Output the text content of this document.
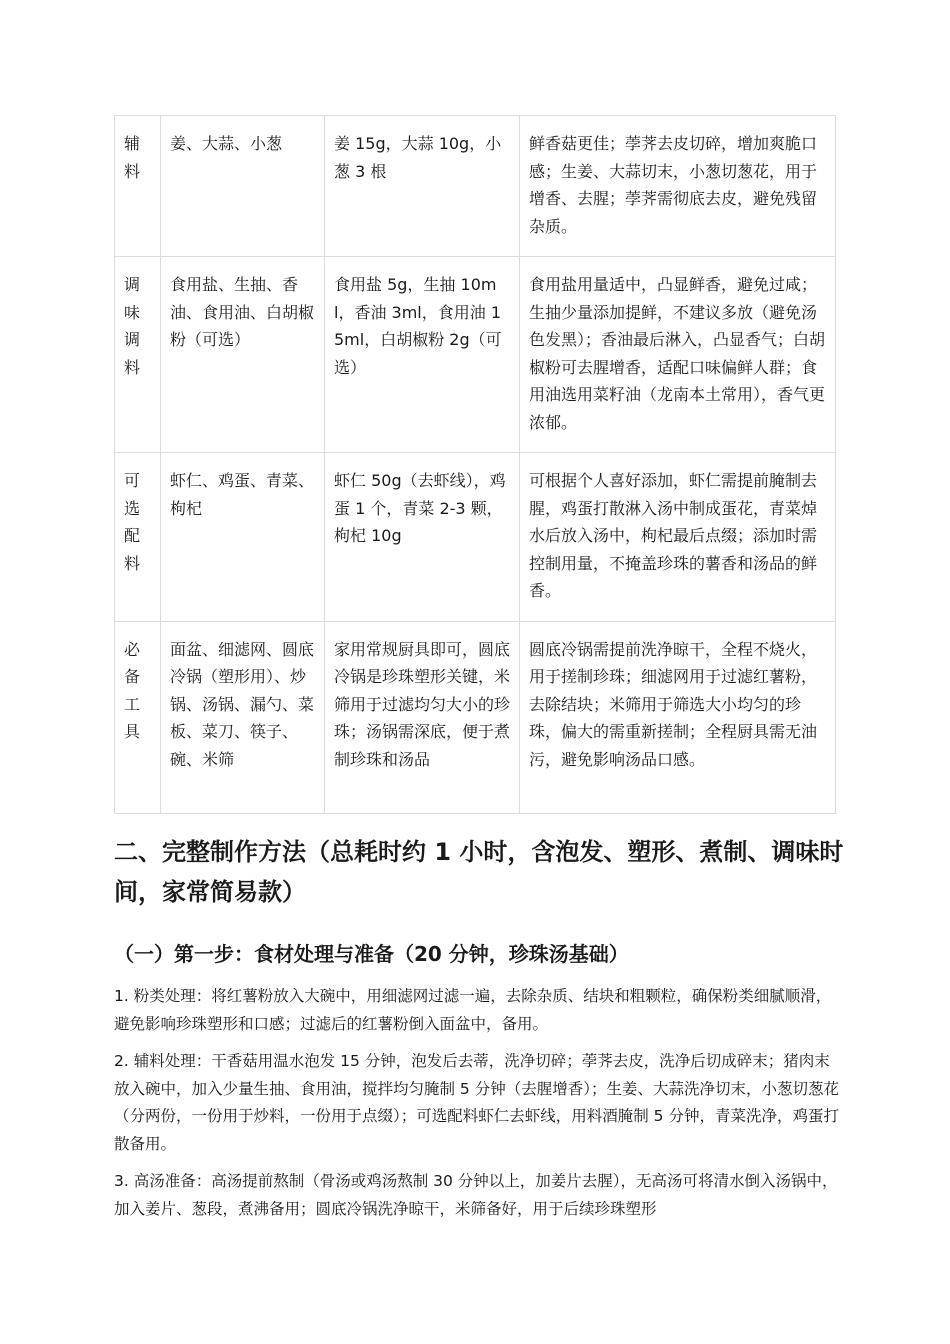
辅料	姜、大蒜、小葱	姜 15g，大蒜 10g，小葱 3 根	鲜香菇更佳；荸荠去皮切碎，增加爽脆口感；生姜、大蒜切末，小葱切葱花，用于增香、去腥；荸荠需彻底去皮，避免残留杂质。
调味调料	食用盐、生抽、香油、食用油、白胡椒粉（可选）	食用盐 5g，生抽 10ml，香油 3ml，食用油 15ml，白胡椒粉 2g（可选）	食用盐用量适中，凸显鲜香，避免过咸；生抽少量添加提鲜，不建议多放（避免汤色发黑）；香油最后淋入，凸显香气；白胡椒粉可去腥增香，适配口味偏鲜人群；食用油选用菜籽油（龙南本土常用），香气更浓郁。
可选配料	虾仁、鸡蛋、青菜、枸杞	虾仁 50g（去虾线），鸡蛋 1 个，青菜 2-3 颗，枸杞 10g	可根据个人喜好添加，虾仁需提前腌制去腥，鸡蛋打散淋入汤中制成蛋花，青菜焯水后放入汤中，枸杞最后点缀；添加时需控制用量，不掩盖珍珠的薯香和汤品的鲜香。
必备工具	面盆、细滤网、圆底冷锅（塑形用）、炒锅、汤锅、漏勺、菜板、菜刀、筷子、碗、米筛	家用常规厨具即可，圆底冷锅是珍珠塑形关键，米筛用于过滤均匀大小的珍珠；汤锅需深底，便于煮制珍珠和汤品	圆底冷锅需提前洗净晾干，全程不烧火，用于搓制珍珠；细滤网用于过滤红薯粉，去除结块；米筛用于筛选大小均匀的珍珠，偏大的需重新搓制；全程厨具需无油污，避免影响汤品口感。
二、完整制作方法（总耗时约 1 小时，含泡发、塑形、煮制、调味时间，家常简易款）
（一）第一步：食材处理与准备（20 分钟，珍珠汤基础）

1. 粉类处理：将红薯粉放入大碗中，用细滤网过滤一遍，去除杂质、结块和粗颗粒，确保粉类细腻顺滑，避免影响珍珠塑形和口感；过滤后的红薯粉倒入面盆中，备用。

2. 辅料处理：干香菇用温水泡发 15 分钟，泡发后去蒂，洗净切碎；荸荠去皮，洗净后切成碎末；猪肉末放入碗中，加入少量生抽、食用油，搅拌均匀腌制 5 分钟（去腥增香）；生姜、大蒜洗净切末，小葱切葱花（分两份，一份用于炒料，一份用于点缀）；可选配料虾仁去虾线，用料酒腌制 5 分钟，青菜洗净，鸡蛋打散备用。

3. 高汤准备：高汤提前熬制（骨汤或鸡汤熬制 30 分钟以上，加姜片去腥），无高汤可将清水倒入汤锅中，加入姜片、葱段，煮沸备用；圆底冷锅洗净晾干，米筛备好，用于后续珍珠塑形
